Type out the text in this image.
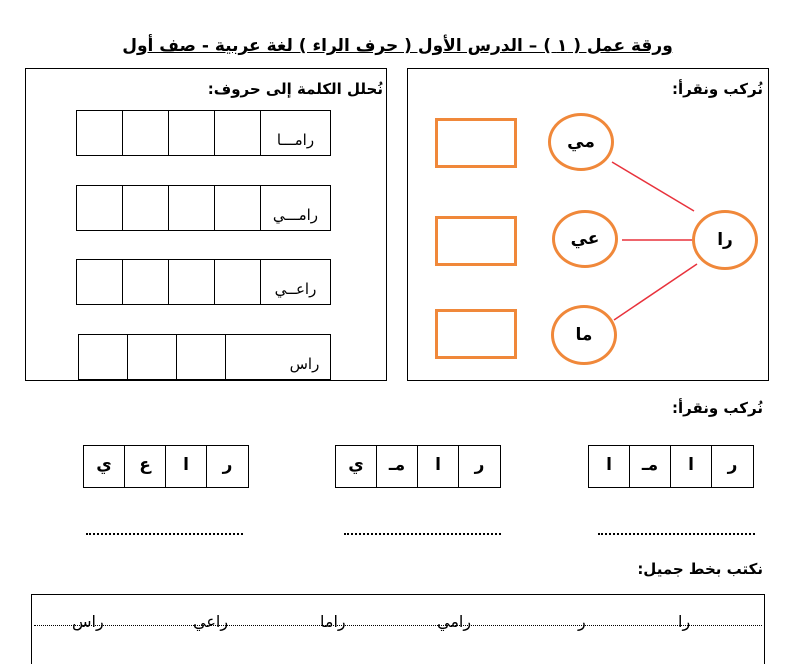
ورقة عمل ( ١ ) – الدرس الأول ( حرف الراء ) لغة عربية - صف أول
نُحلل الكلمة إلى حروف:
رامـــا
رامـــي
راعــي
راس
نُركب ونقرأ:
مي
عي
ما
را
نُركب ونقرأ:
ا	مـ	ا	ر
ي	مـ	ا	ر
ي	ع	ا	ر
نكتب بخط جميل:
را
ر
رامي
راما
راعي
راس
